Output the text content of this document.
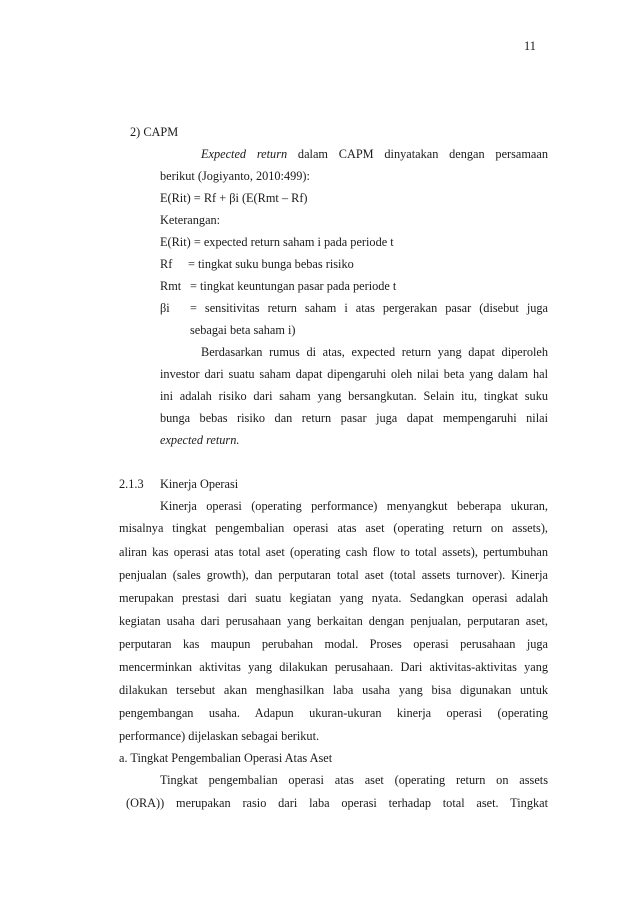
11
2) CAPM
Expected return dalam CAPM dinyatakan dengan persamaan
berikut (Jogiyanto, 2010:499):
E(Rit) = Rf + βi (E(Rmt – Rf)
Keterangan:
E(Rit) = expected return saham i pada periode t
Rf = tingkat suku bunga bebas risiko
Rmt = tingkat keuntungan pasar pada periode t
βi = sensitivitas return saham i atas pergerakan pasar (disebut juga
sebagai beta saham i)
Berdasarkan rumus di atas, expected return yang dapat diperoleh
investor dari suatu saham dapat dipengaruhi oleh nilai beta yang dalam hal
ini adalah risiko dari saham yang bersangkutan. Selain itu, tingkat suku
bunga bebas risiko dan return pasar juga dapat mempengaruhi nilai
expected return.
2.1.3 Kinerja Operasi
Kinerja operasi (operating performance) menyangkut beberapa ukuran,
misalnya tingkat pengembalian operasi atas aset (operating return on assets),
aliran kas operasi atas total aset (operating cash flow to total assets), pertumbuhan
penjualan (sales growth), dan perputaran total aset (total assets turnover). Kinerja
merupakan prestasi dari suatu kegiatan yang nyata. Sedangkan operasi adalah
kegiatan usaha dari perusahaan yang berkaitan dengan penjualan, perputaran aset,
perputaran kas maupun perubahan modal. Proses operasi perusahaan juga
mencerminkan aktivitas yang dilakukan perusahaan. Dari aktivitas-aktivitas yang
dilakukan tersebut akan menghasilkan laba usaha yang bisa digunakan untuk
pengembangan usaha. Adapun ukuran-ukuran kinerja operasi (operating
performance) dijelaskan sebagai berikut.
a. Tingkat Pengembalian Operasi Atas Aset
Tingkat pengembalian operasi atas aset (operating return on assets
(ORA)) merupakan rasio dari laba operasi terhadap total aset. Tingkat
